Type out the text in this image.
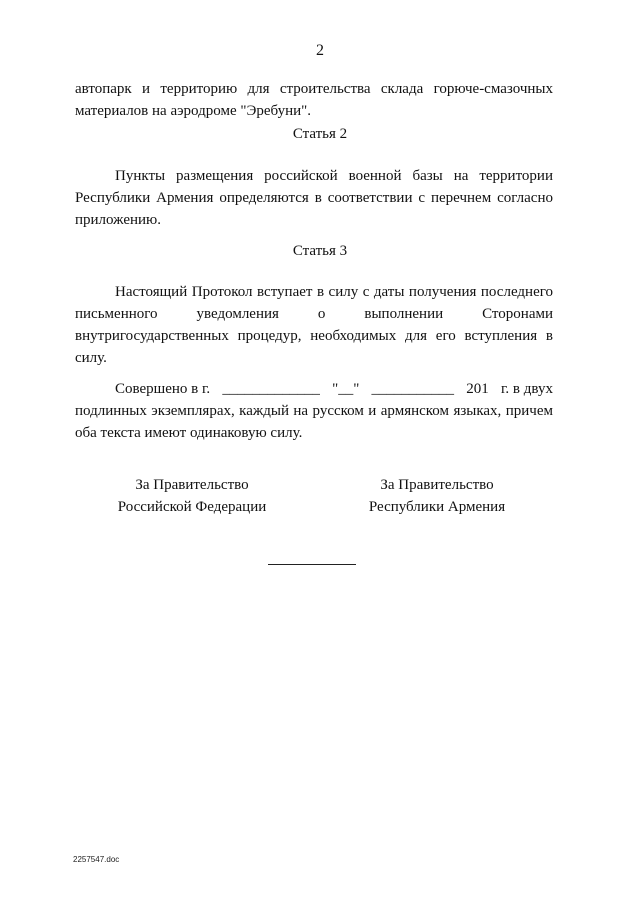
2

автопарк и территорию для строительства склада горюче-смазочных материалов на аэродроме "Эребуни".

Статья 2

Пункты размещения российской военной базы на территории Республики Армения определяются в соответствии с перечнем согласно приложению.

Статья 3

Настоящий Протокол вступает в силу с даты получения последнего письменного уведомления о выполнении Сторонами внутригосударственных процедур, необходимых для его вступления в силу.

Совершено в г. _____________ "__" ___________ 201 г. в двух

подлинных экземплярах, каждый на русском и армянском языках, причем оба текста имеют одинаковую силу.

За Правительство
Российской Федерации
За Правительство
Республики Армения
2257547.doc
